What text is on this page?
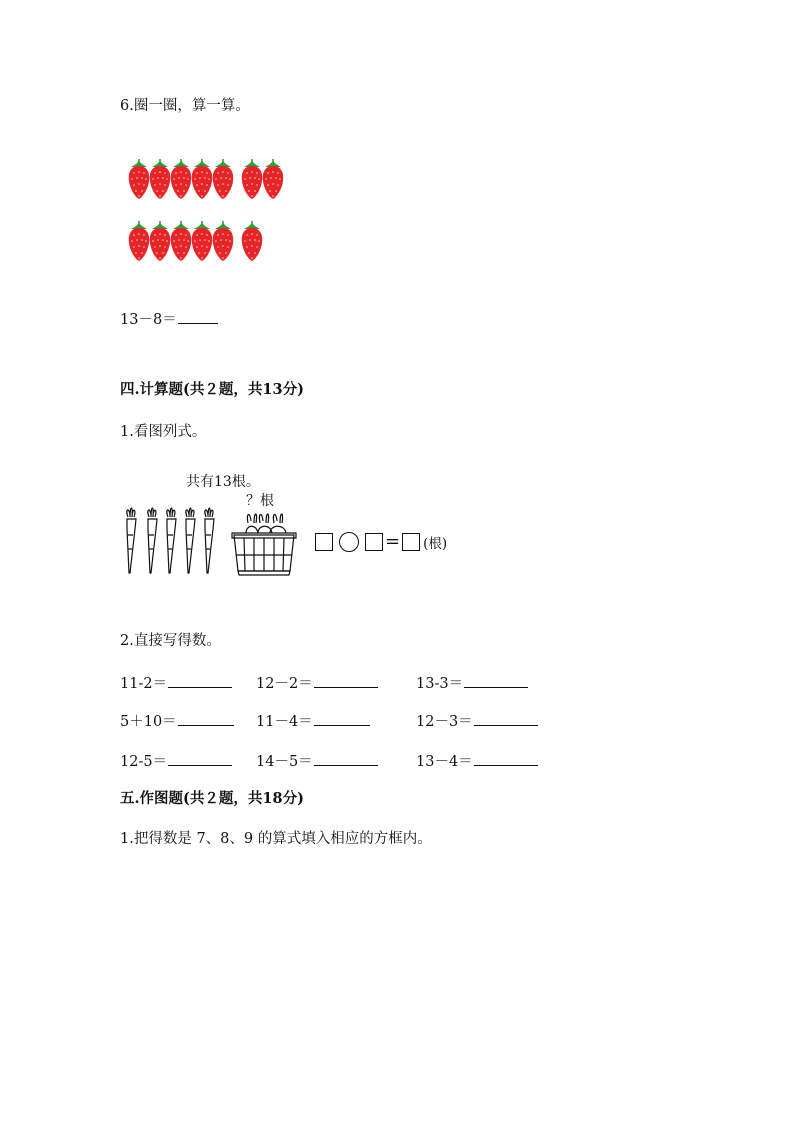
6.圈一圈，算一算。
13－8＝
四.计算题(共２题，共13分)
1.看图列式。
共有13根。
？根
= (根)
2.直接写得数。
11-2＝	12－2＝	13-3＝
5＋10＝	11－4＝	12－3＝
12-5＝	14－5＝	13－4＝
五.作图题(共２题，共18分)
1.把得数是 7、8、9 的算式填入相应的方框内。
